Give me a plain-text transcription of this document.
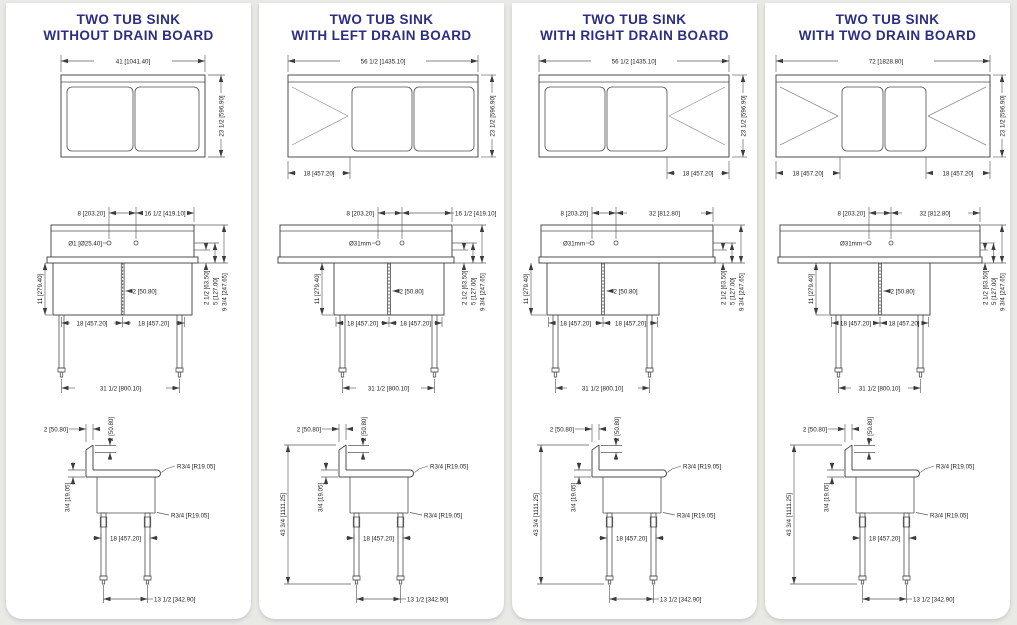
TWO TUB SINK
WITHOUT DRAIN BOARD
41 [1041.40]
23 1/2 [596.90]
8 [203.20]	16 1/2 [419.10]
Ø1 [Ø25.40]
2 [50.80]
18 [457.20]	18 [457.20]
11 [279.40]	2 1/2 [63.50] 5 [127.00] 9 3/4 [247.65]
31 1/2 [800.10]
2 [50.80]	2 [50.80]
3/4 [19.05]
R3/4 [R19.05]
R3/4 [R19.05]
18 [457.20]
13 1/2 [342.90]
TWO TUB SINK
WITH LEFT DRAIN BOARD
56 1/2 [1435.10]
23 1/2 [596.90]
18 [457.20]
8 [203.20]	16 1/2 [419.10]
Ø31mm
2 [50.80]
18 [457.20]	18 [457.20]
11 [279.40]	2 1/2 [63.50] 5 [127.00] 9 3/4 [247.65]
31 1/2 [800.10]
2 [50.80]	2 [50.80]
3/4 [19.05]
43 3/4 [1111.25]
R3/4 [R19.05]
R3/4 [R19.05]
18 [457.20]
13 1/2 [342.90]
TWO TUB SINK
WITH RIGHT DRAIN BOARD
56 1/2 [1435.10]
23 1/2 [596.90]
18 [457.20]
8 [203.20]	32 [812.80]
Ø31mm
2 [50.80]
18 [457.20]	18 [457.20]
11 [279.40]	2 1/2 [63.50] 5 [127.00] 9 3/4 [247.65]
31 1/2 [800.10]
2 [50.80]	2 [50.80]
3/4 [19.05]
43 3/4 [1111.25]
R3/4 [R19.05]
R3/4 [R19.05]
18 [457.20]
13 1/2 [342.90]
TWO TUB SINK
WITH TWO DRAIN BOARD
72 [1828.80]
23 1/2 [596.90]
18 [457.20]	18 [457.20]
8 [203.20]	32 [812.80]
Ø31mm
2 [50.80]
18 [457.20]	18 [457.20]
11 [279.40]	2 1/2 [63.50] 5 [127.00] 9 3/4 [247.65]
31 1/2 [800.10]
2 [50.80]	2 [50.80]
3/4 [19.05]
43 3/4 [1111.25]
R3/4 [R19.05]
R3/4 [R19.05]
18 [457.20]
13 1/2 [342.90]
